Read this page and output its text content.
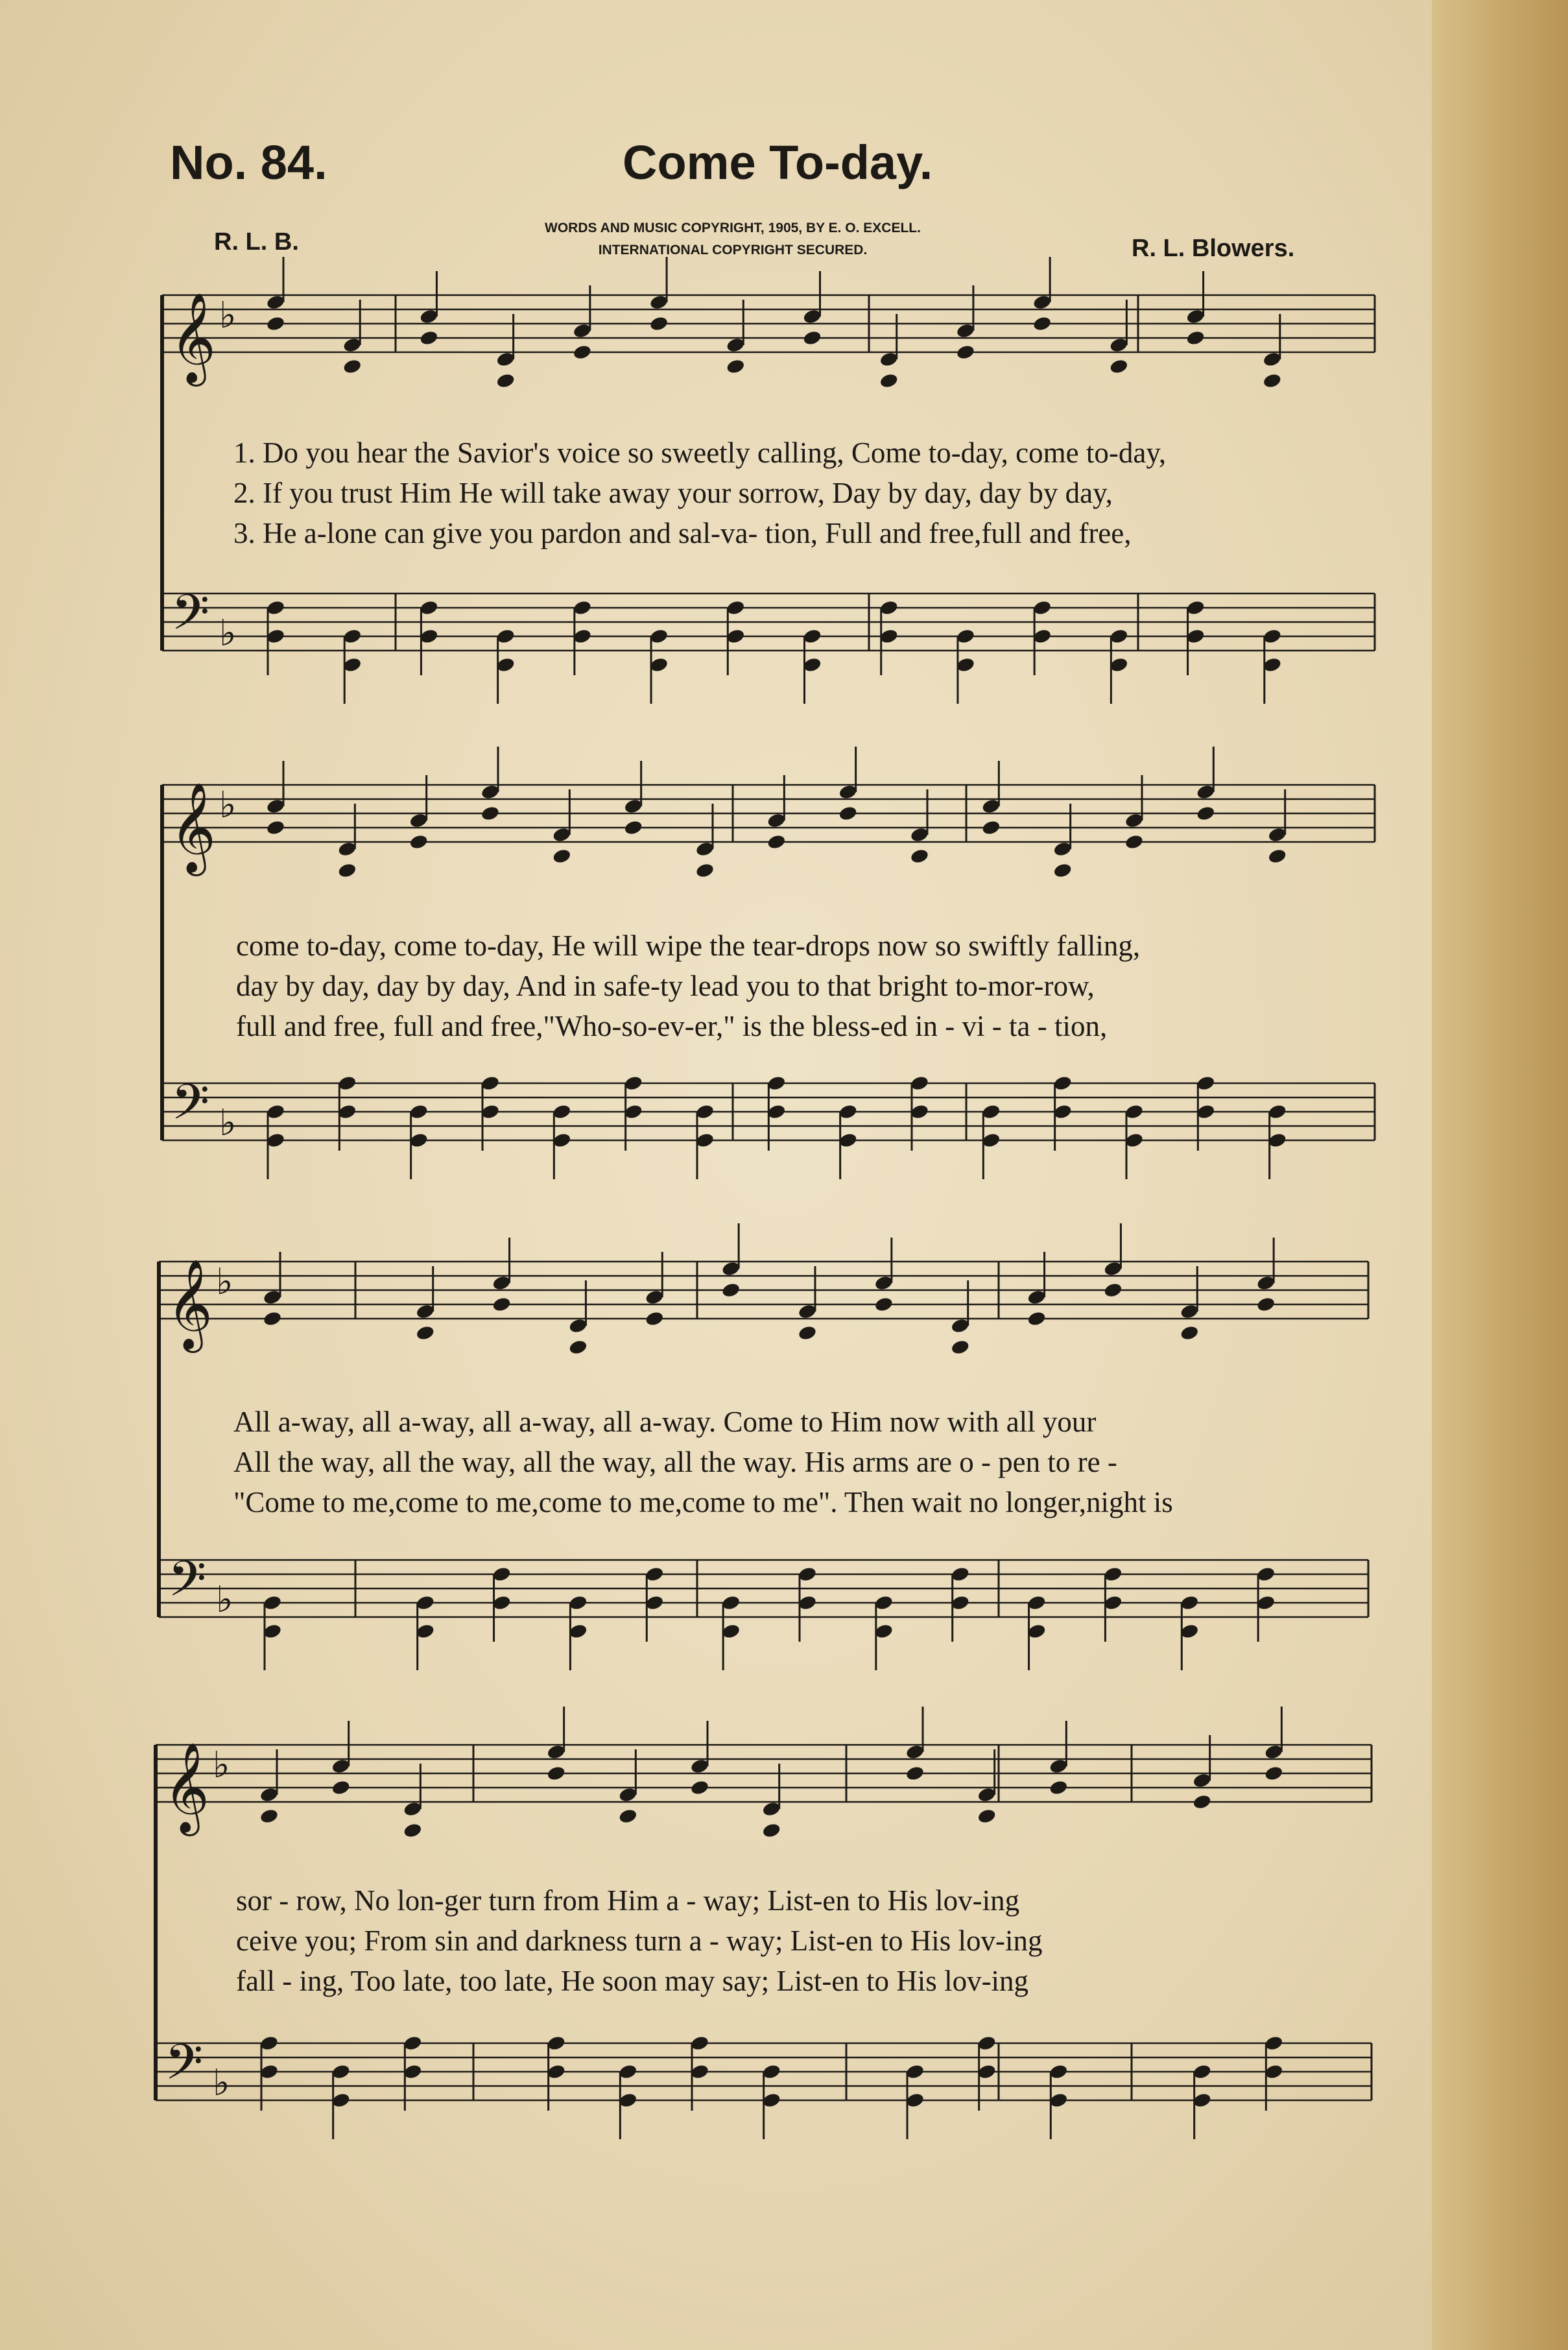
No. 84.	Come To-day.
R. L. B.	R. L. Blowers.
WORDS AND MUSIC COPYRIGHT, 1905, BY E. O. EXCELL.
INTERNATIONAL COPYRIGHT SECURED.
𝄞
𝄢
♭
♭
𝄞
𝄢
♭
♭
𝄞
𝄢
♭
♭
𝄞
𝄢
♭
♭
1. Do you hear the Savior's voice so sweetly calling, Come to-day, come to-day,
2. If you trust Him He will take away your sorrow, Day by day, day by day,
3. He a-lone can give you pardon and sal-va- tion, Full and free,full and free,
come to-day, come to-day, He will wipe the tear-drops now so swiftly falling,
day by day, day by day, And in safe-ty lead you to that bright to-mor-row,
full and free, full and free,"Who-so-ev-er," is the bless-ed in - vi - ta - tion,
All a-way, all a-way, all a-way, all a-way. Come to Him now with all your
All the way, all the way, all the way, all the way. His arms are o - pen to re -
"Come to me,come to me,come to me,come to me". Then wait no longer,night is
sor - row, No lon-ger turn from Him a - way; List-en to His lov-ing
ceive you; From sin and darkness turn a - way; List-en to His lov-ing
fall - ing, Too late, too late, He soon may say; List-en to His lov-ing
